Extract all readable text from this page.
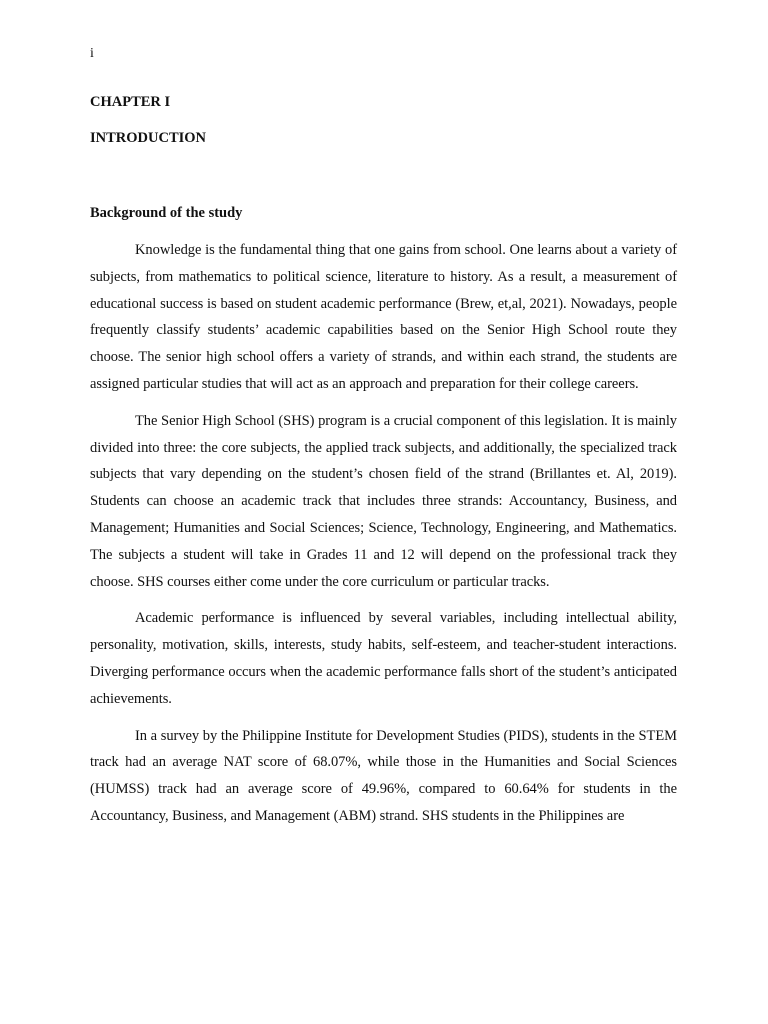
i
CHAPTER I
INTRODUCTION
Background of the study

Knowledge is the fundamental thing that one gains from school. One learns about a variety of subjects, from mathematics to political science, literature to history. As a result, a measurement of educational success is based on student academic performance (Brew, et,al, 2021). Nowadays, people frequently classify students’ academic capabilities based on the Senior High School route they choose. The senior high school offers a variety of strands, and within each strand, the students are assigned particular studies that will act as an approach and preparation for their college careers.

The Senior High School (SHS) program is a crucial component of this legislation. It is mainly divided into three: the core subjects, the applied track subjects, and additionally, the specialized track subjects that vary depending on the student’s chosen field of the strand (Brillantes et. Al, 2019). Students can choose an academic track that includes three strands: Accountancy, Business, and Management; Humanities and Social Sciences; Science, Technology, Engineering, and Mathematics. The subjects a student will take in Grades 11 and 12 will depend on the professional track they choose. SHS courses either come under the core curriculum or particular tracks.

Academic performance is influenced by several variables, including intellectual ability, personality, motivation, skills, interests, study habits, self-esteem, and teacher-student interactions. Diverging performance occurs when the academic performance falls short of the student’s anticipated achievements.

In a survey by the Philippine Institute for Development Studies (PIDS), students in the STEM track had an average NAT score of 68.07%, while those in the Humanities and Social Sciences (HUMSS) track had an average score of 49.96%, compared to 60.64% for students in the Accountancy, Business, and Management (ABM) strand. SHS students in the Philippines are
